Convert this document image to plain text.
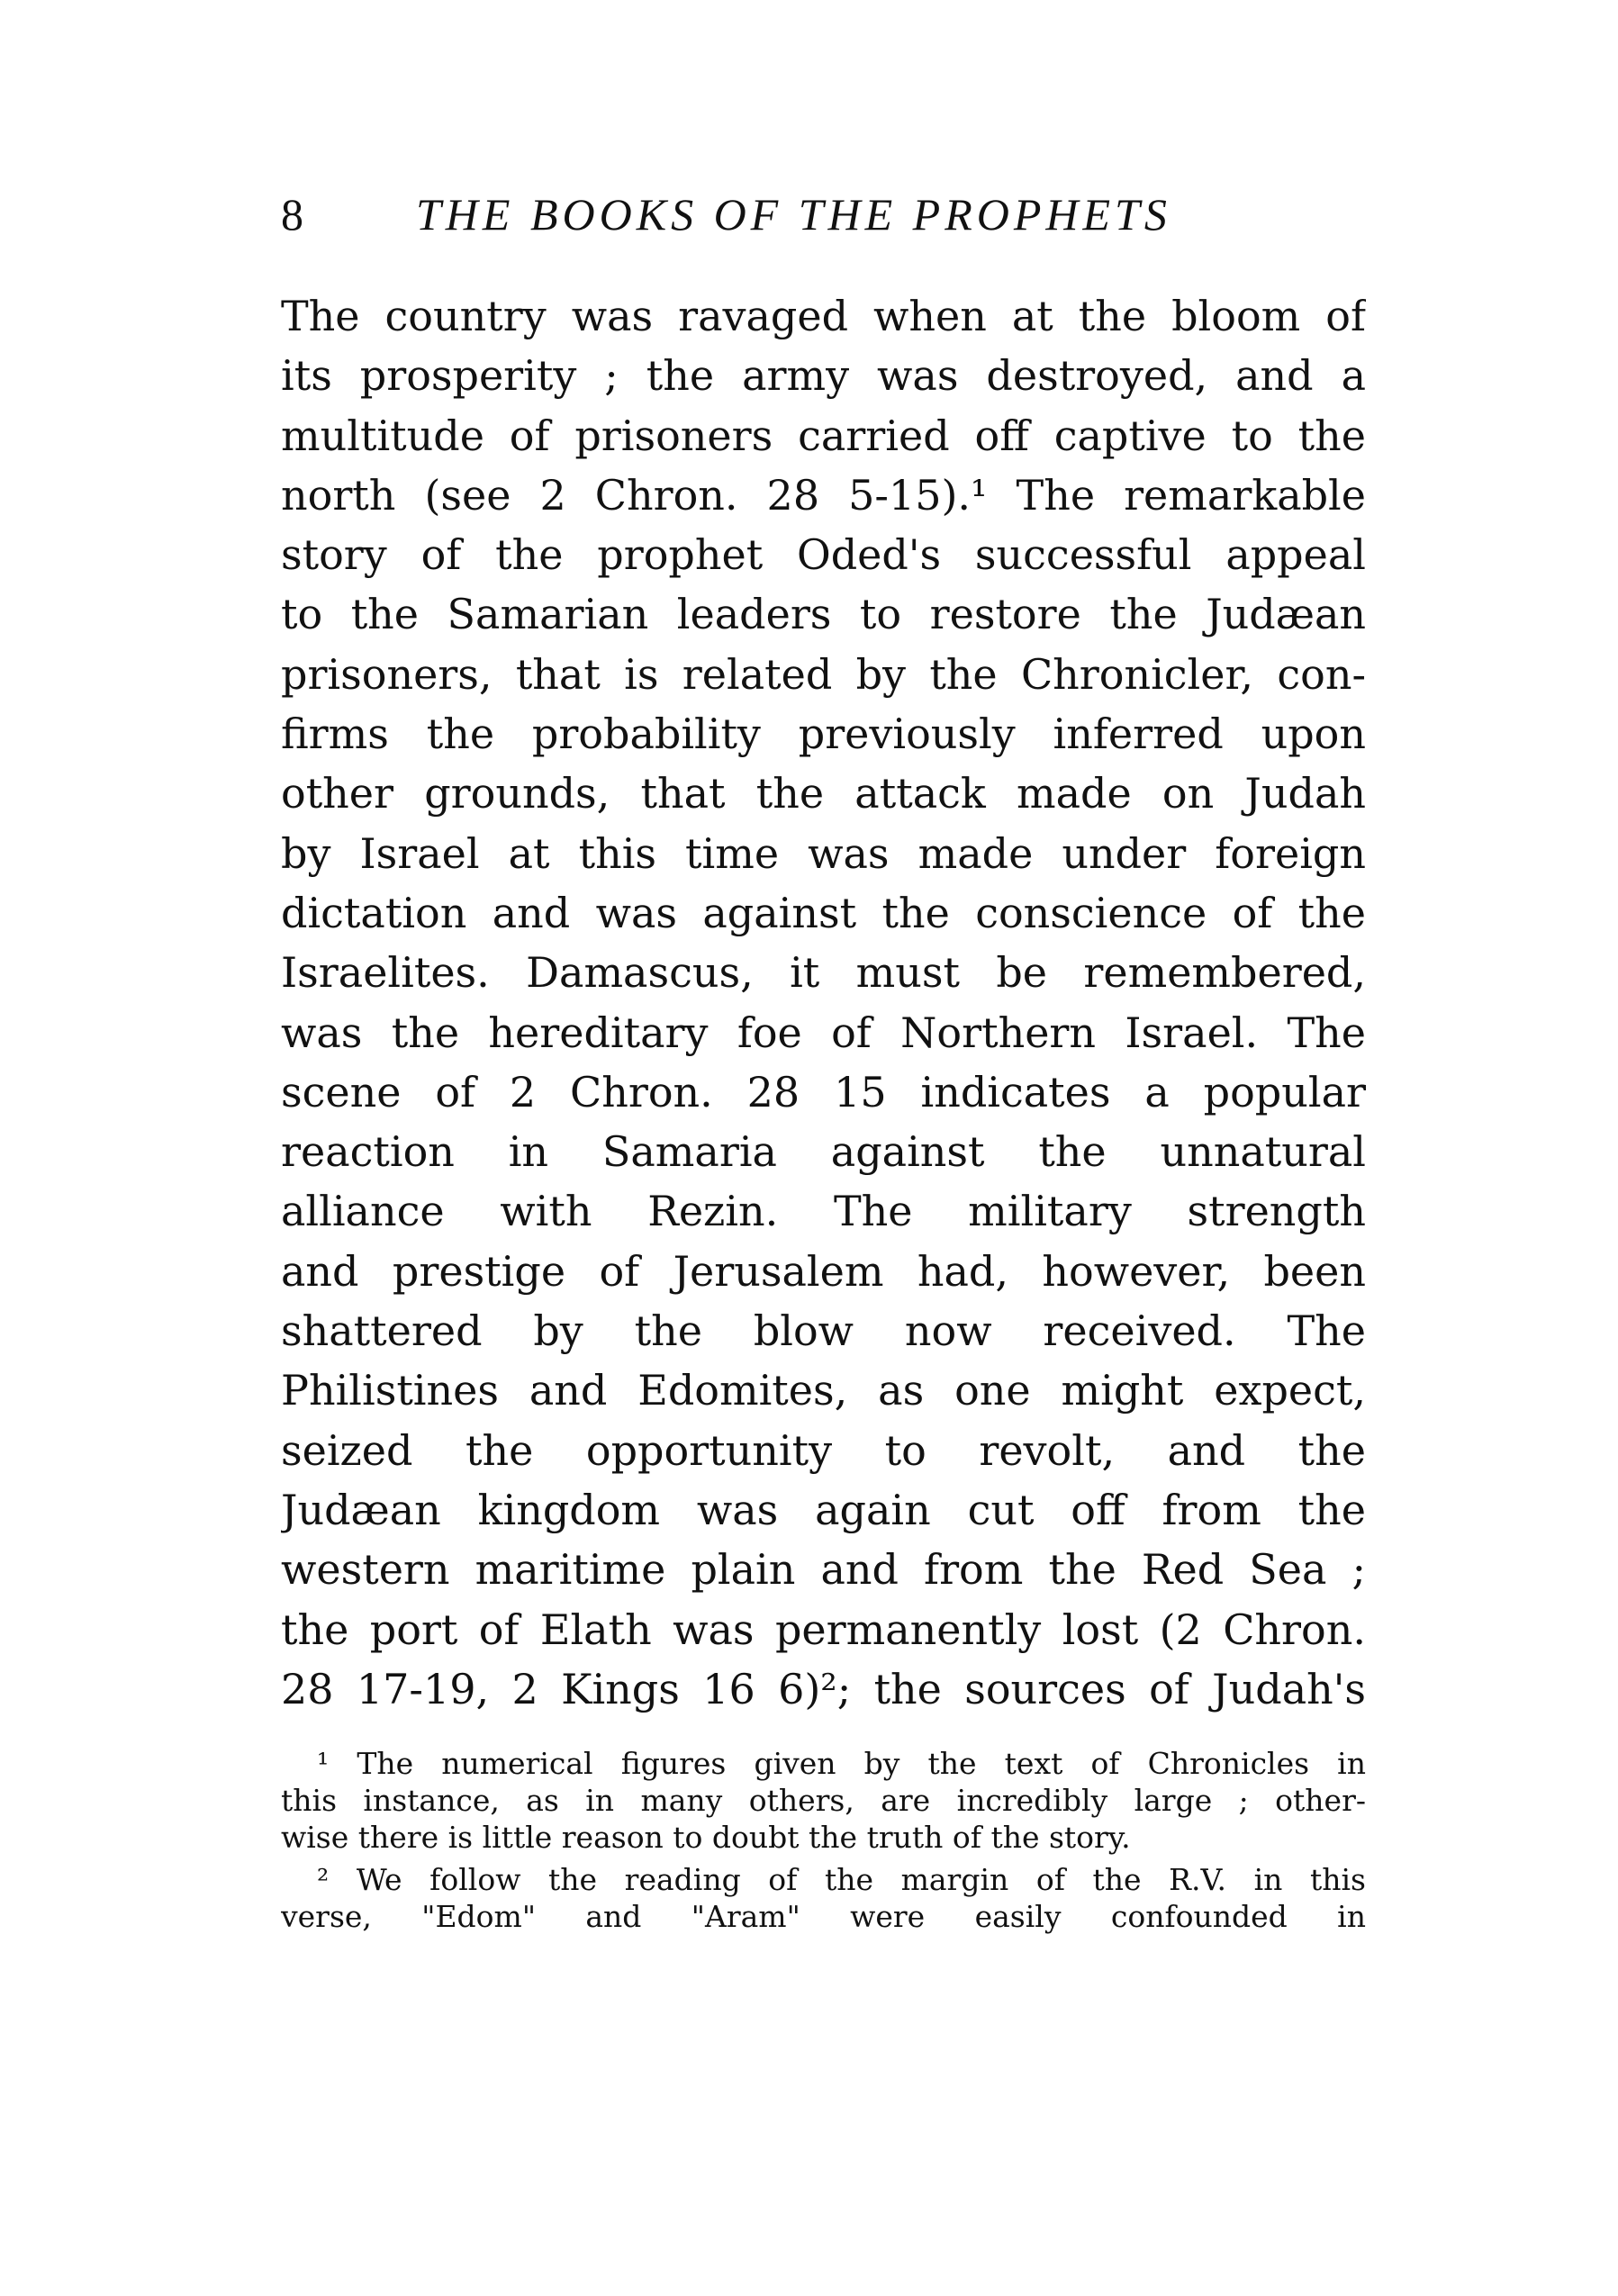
8	THE BOOKS OF THE PROPHETS
The country was ravaged when at the bloom of
its prosperity ; the army was destroyed, and a
multitude of prisoners carried off captive to the
north (see 2 Chron. 28 5-15).¹ The remarkable
story of the prophet Oded's successful appeal
to the Samarian leaders to restore the Judæan
prisoners, that is related by the Chronicler, con-
firms the probability previously inferred upon
other grounds, that the attack made on Judah
by Israel at this time was made under foreign
dictation and was against the conscience of the
Israelites. Damascus, it must be remembered,
was the hereditary foe of Northern Israel. The
scene of 2 Chron. 28 15 indicates a popular
reaction in Samaria against the unnatural
alliance with Rezin. The military strength
and prestige of Jerusalem had, however, been
shattered by the blow now received. The
Philistines and Edomites, as one might expect,
seized the opportunity to revolt, and the
Judæan kingdom was again cut off from the
western maritime plain and from the Red Sea ;
the port of Elath was permanently lost (2 Chron.
28 17-19, 2 Kings 16 6)²; the sources of Judah's
¹ The numerical figures given by the text of Chronicles in
this instance, as in many others, are incredibly large ; other-
wise there is little reason to doubt the truth of the story.
² We follow the reading of the margin of the R.V. in this
verse, "Edom" and "Aram" were easily confounded in
